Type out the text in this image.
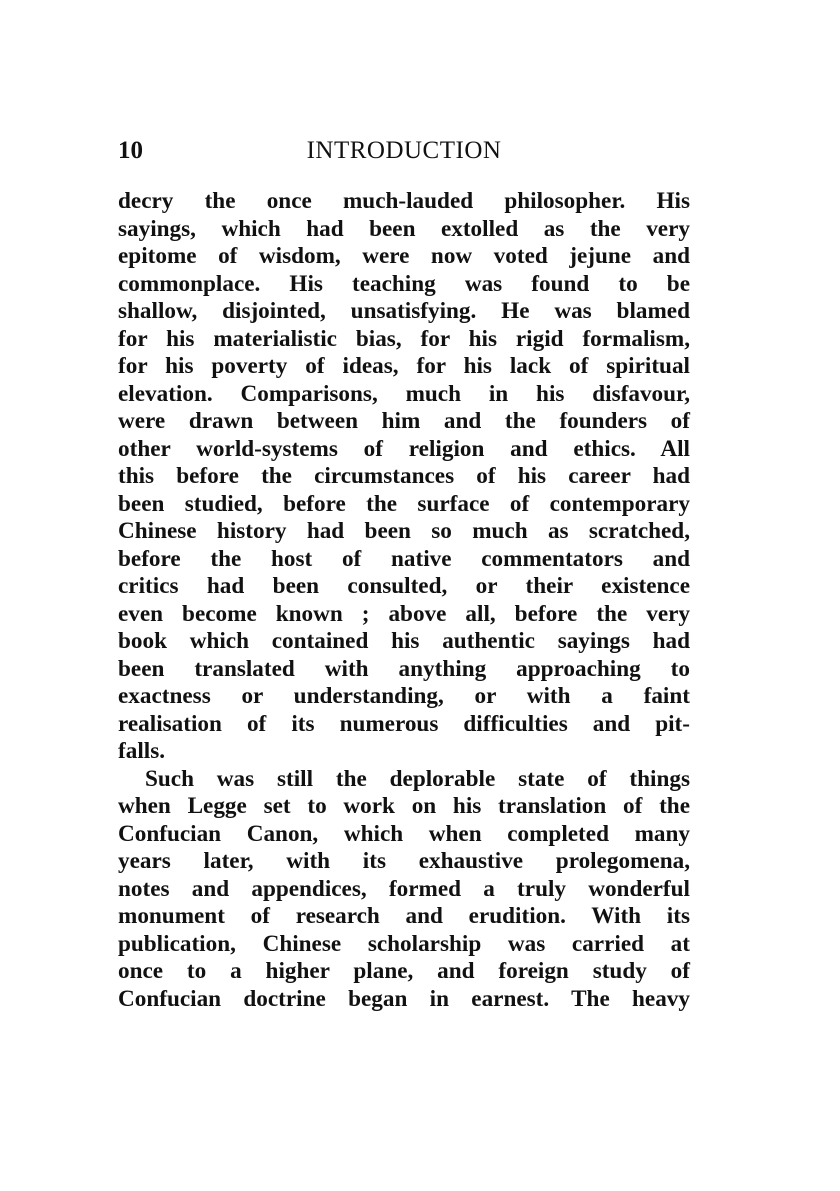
10	INTRODUCTION
decry the once much-lauded philosopher. His
sayings, which had been extolled as the very
epitome of wisdom, were now voted jejune and
commonplace. His teaching was found to be
shallow, disjointed, unsatisfying. He was blamed
for his materialistic bias, for his rigid formalism,
for his poverty of ideas, for his lack of spiritual
elevation. Comparisons, much in his disfavour,
were drawn between him and the founders of
other world-systems of religion and ethics. All
this before the circumstances of his career had
been studied, before the surface of contemporary
Chinese history had been so much as scratched,
before the host of native commentators and
critics had been consulted, or their existence
even become known ; above all, before the very
book which contained his authentic sayings had
been translated with anything approaching to
exactness or understanding, or with a faint
realisation of its numerous difficulties and pit-
falls.
Such was still the deplorable state of things
when Legge set to work on his translation of the
Confucian Canon, which when completed many
years later, with its exhaustive prolegomena,
notes and appendices, formed a truly wonderful
monument of research and erudition. With its
publication, Chinese scholarship was carried at
once to a higher plane, and foreign study of
Confucian doctrine began in earnest. The heavy
